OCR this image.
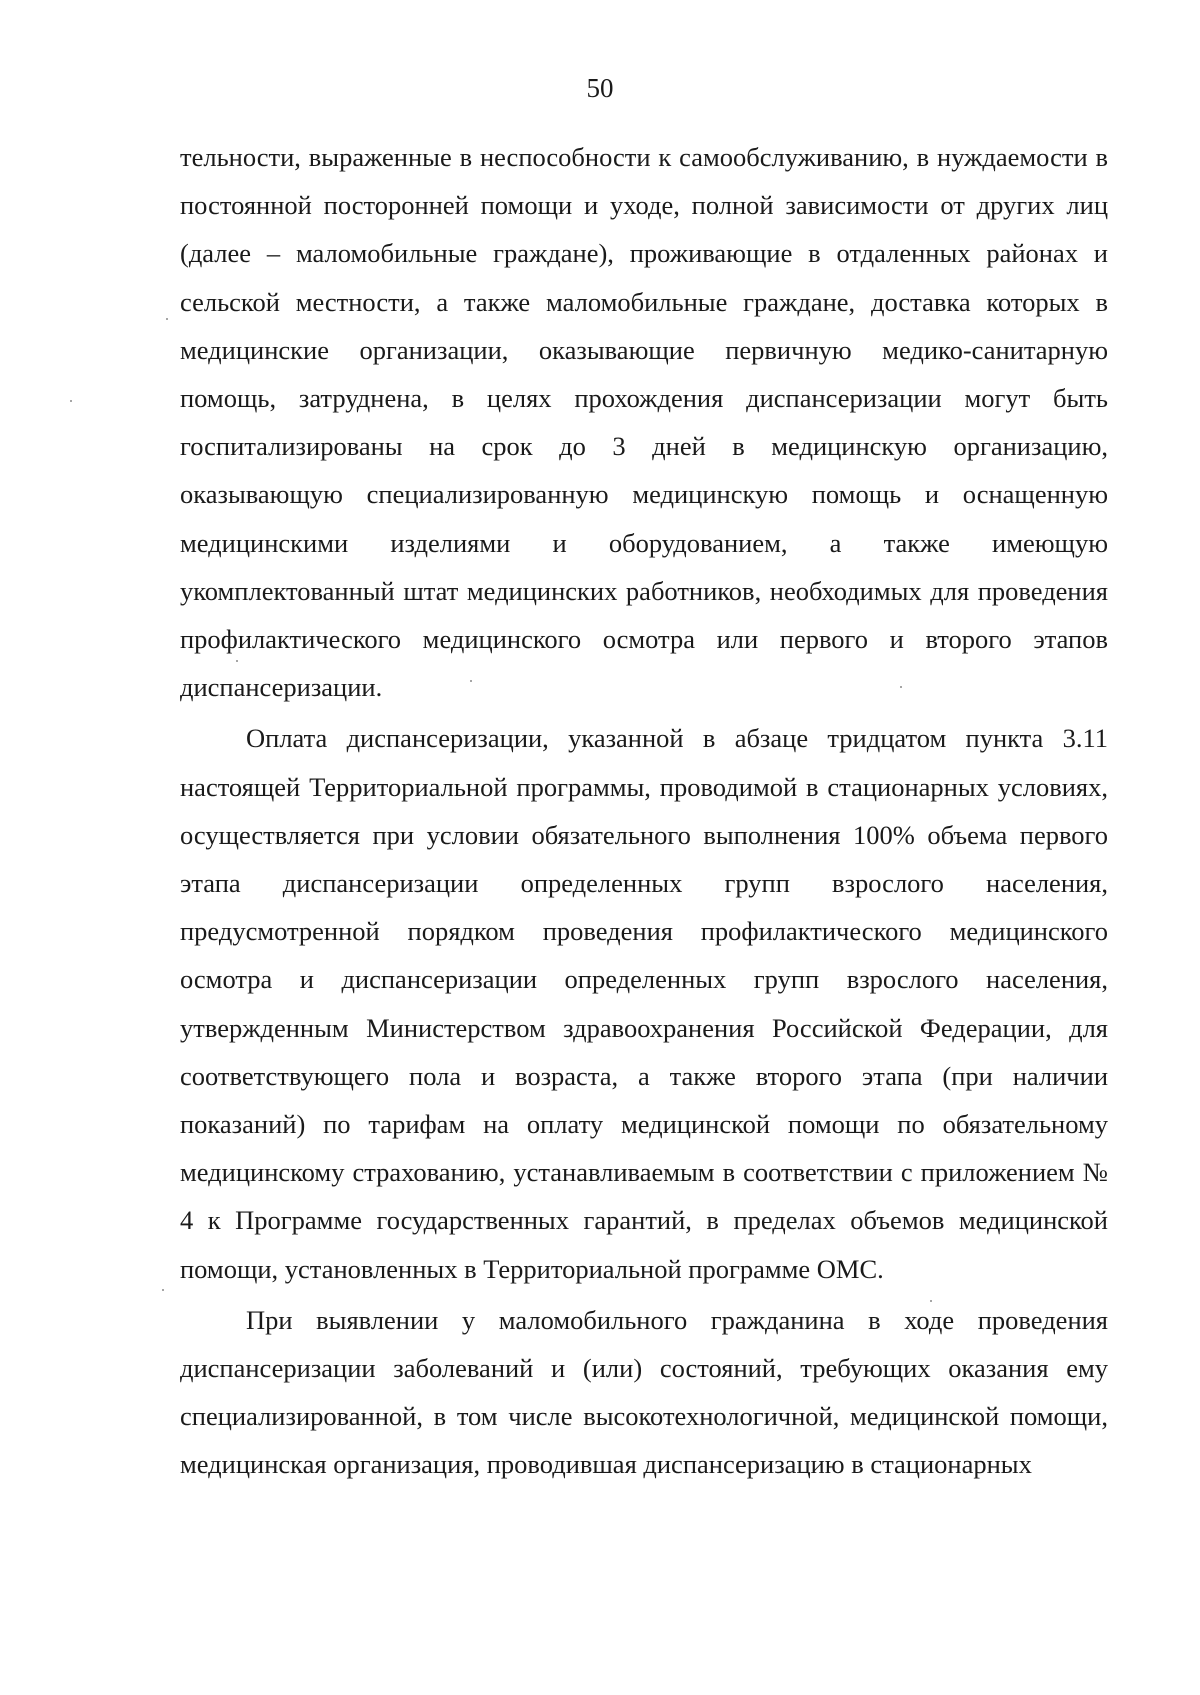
50

тельности, выраженные в неспособности к самообслуживанию, в нуждаемости в постоянной посторонней помощи и уходе, полной зависимости от других лиц (далее – маломобильные граждане), проживающие в отдаленных районах и сельской местности, а также маломобильные граждане, доставка которых в медицинские организации, оказывающие первичную медико-санитарную помощь, затруднена, в целях прохождения диспансеризации могут быть госпитализированы на срок до 3 дней в медицинскую организацию, оказывающую специализированную медицинскую помощь и оснащенную медицинскими изделиями и оборудованием, а также имеющую укомплектованный штат медицинских работников, необходимых для проведения профилактического медицинского осмотра или первого и второго этапов диспансеризации.

Оплата диспансеризации, указанной в абзаце тридцатом пункта 3.11 настоящей Территориальной программы, проводимой в стационарных условиях, осуществляется при условии обязательного выполнения 100% объема первого этапа диспансеризации определенных групп взрослого населения, предусмотренной порядком проведения профилактического медицинского осмотра и диспансеризации определенных групп взрослого населения, утвержденным Министерством здравоохранения Российской Федерации, для соответствующего пола и возраста, а также второго этапа (при наличии показаний) по тарифам на оплату медицинской помощи по обязательному медицинскому страхованию, устанавливаемым в соответствии с приложением № 4 к Программе государственных гарантий, в пределах объемов медицинской помощи, установленных в Территориальной программе ОМС.

При выявлении у маломобильного гражданина в ходе проведения диспансеризации заболеваний и (или) состояний, требующих оказания ему специализированной, в том числе высокотехнологичной, медицинской помощи, медицинская организация, проводившая диспансеризацию в стационарных
